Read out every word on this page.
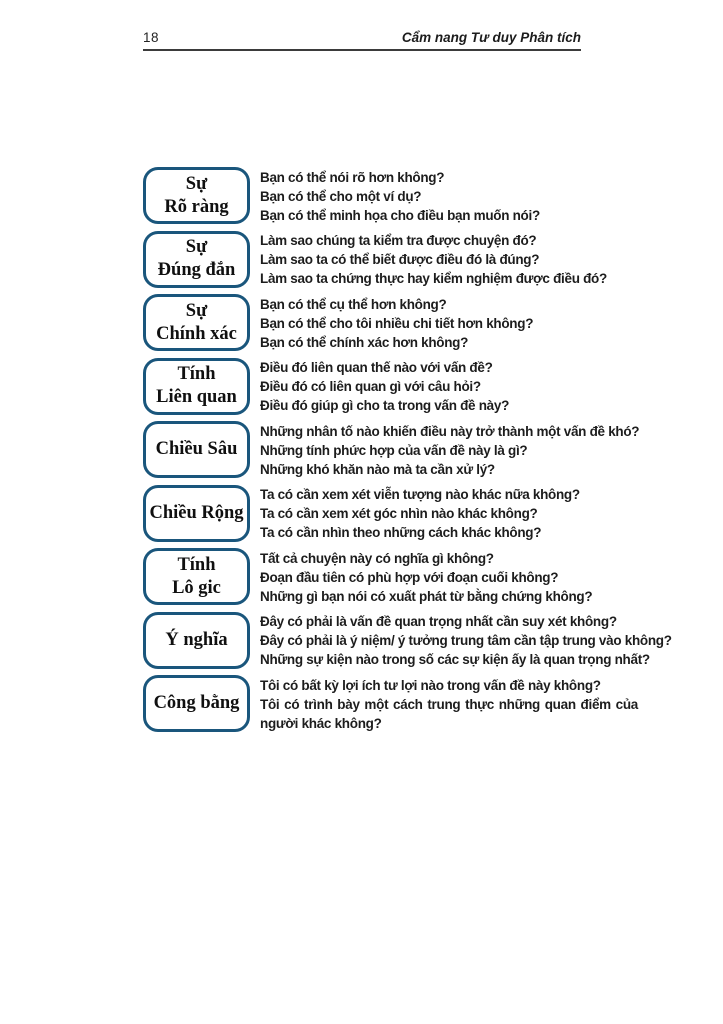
18	Cẩm nang Tư duy Phân tích
Sự
Rõ ràng
Bạn có thể nói rõ hơn không?
Bạn có thể cho một ví dụ?
Bạn có thể minh họa cho điều bạn muốn nói?
Sự
Đúng đắn
Làm sao chúng ta kiểm tra được chuyện đó?
Làm sao ta có thể biết được điều đó là đúng?
Làm sao ta chứng thực hay kiểm nghiệm được điều đó?
Sự
Chính xác
Bạn có thể cụ thể hơn không?
Bạn có thể cho tôi nhiều chi tiết hơn không?
Bạn có thể chính xác hơn không?
Tính
Liên quan
Điều đó liên quan thế nào với vấn đề?
Điều đó có liên quan gì với câu hỏi?
Điều đó giúp gì cho ta trong vấn đề này?
Chiều Sâu
Những nhân tố nào khiến điều này trở thành một vấn đề khó?
Những tính phức hợp của vấn đề này là gì?
Những khó khăn nào mà ta cần xử lý?
Chiều Rộng
Ta có cần xem xét viễn tượng nào khác nữa không?
Ta có cần xem xét góc nhìn nào khác không?
Ta có cần nhìn theo những cách khác không?
Tính
Lô gic
Tất cả chuyện này có nghĩa gì không?
Đoạn đầu tiên có phù hợp với đoạn cuối không?
Những gì bạn nói có xuất phát từ bằng chứng không?
Ý nghĩa
Đây có phải là vấn đề quan trọng nhất cần suy xét không?
Đây có phải là ý niệm/ ý tưởng trung tâm cần tập trung vào không?
Những sự kiện nào trong số các sự kiện ấy là quan trọng nhất?
Công bằng
Tôi có bất kỳ lợi ích tư lợi nào trong vấn đề này không?
Tôi có trình bày một cách trung thực những quan điểm của người khác không?
